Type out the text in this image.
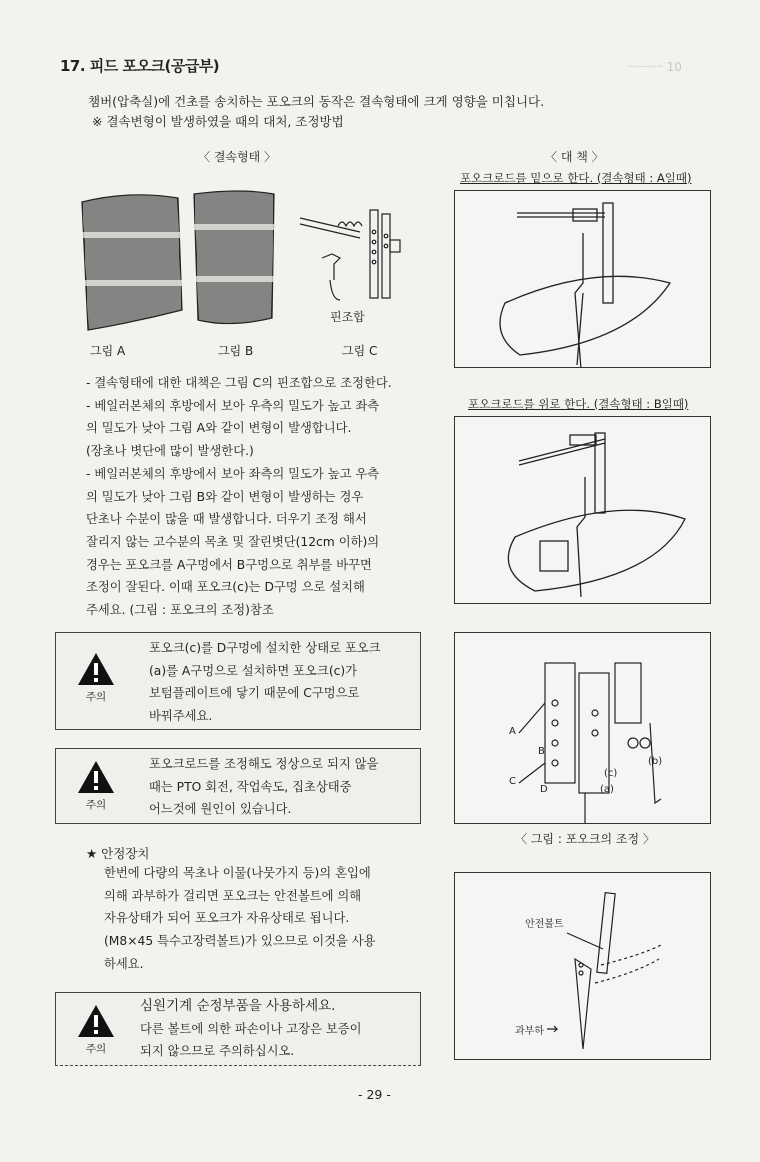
ㅡㅡㅡ 10
17. 피드 포오크(공급부)
챔버(압축실)에 건초를 송치하는 포오크의 동작은 결속형태에 크게 영향을 미칩니다.
※ 결속변형이 발생하였을 때의 대처, 조정방법
〈 결속형태 〉	〈 대 책 〉
핀조합
그림 A	그림 B	그림 C
포오크로드를 밑으로 한다. (결속형태 : A일때)
포오크로드를 위로 한다. (결속형태 : B일때)
A
B
C
D
(c)
(a)
(b)
〈 그림 : 포오크의 조정 〉
안전볼트
과부하

- 결속형태에 대한 대책은 그림 C의 핀조합으로 조정한다.

- 베일러본체의 후방에서 보아 우측의 밀도가 높고 좌측

의 밀도가 낮아 그림 A와 같이 변형이 발생합니다.

(장초나 볏단에 많이 발생한다.)

- 베일러본체의 후방에서 보아 좌측의 밀도가 높고 우측

의 밀도가 낮아 그림 B와 같이 변형이 발생하는 경우

단초나 수분이 많을 때 발생합니다. 더우기 조정 해서

잘리지 않는 고수분의 목초 및 잘린볏단(12cm 이하)의

경우는 포오크를 A구멍에서 B구멍으로 취부를 바꾸면

조정이 잘된다. 이때 포오크(c)는 D구멍 으로 설치해

주세요. (그림 : 포오크의 조정)참조

주의
포오크(c)를 D구멍에 설치한 상태로 포오크
(a)를 A구멍으로 설치하면 포오크(c)가
보텀플레이트에 닿기 때문에 C구멍으로
바꿔주세요.
주의
포오크로드를 조정해도 정상으로 되지 않을
때는 PTO 회전, 작업속도, 집초상태중
어느것에 원인이 있습니다.
★ 안정장치

한번에 다량의 목초나 이물(나뭇가지 등)의 혼입에

의해 과부하가 걸리면 포오크는 안전볼트에 의해

자유상태가 되어 포오크가 자유상태로 됩니다.

(M8×45 특수고장력볼트)가 있으므로 이것을 사용

하세요.

주의
심원기계 순정부품을 사용하세요.
다른 볼트에 의한 파손이나 고장은 보증이
되지 않으므로 주의하십시오.
- 29 -
